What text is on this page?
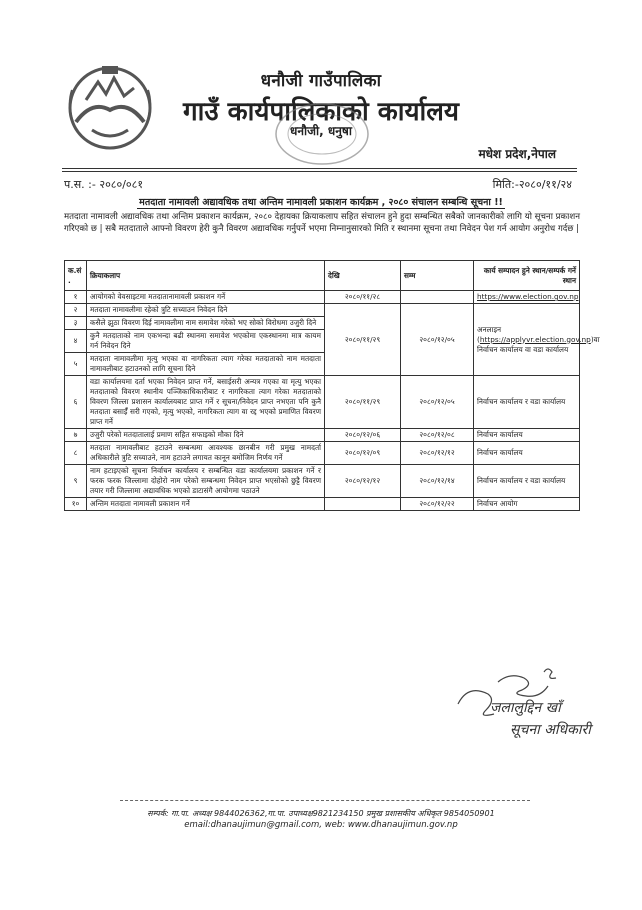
धनौजी गाउँपालिका
गाउँ कार्यपालिकाको कार्यालय
धनौजी, धनुषा
मधेश प्रदेश,नेपाल
प.स. :- २०८०/०८१	मिति:-२०८०/११/२४
मतदाता नामावली अद्यावधिक तथा अन्तिम नामावली प्रकाशन कार्यक्रम , २०८० संचालन सम्बन्धि सूचना !!
मतदाता नामावली अद्यावधिक तथा अन्तिम प्रकाशन कार्यक्रम, २०८० देहायका क्रियाकलाप सहित संचालन हुने हुदा सम्बन्धित सबैको जानकारीको लागि यो सूचना प्रकाशन गरिएको छ | सबै मतदाताले आफ्नो विवरण हेरी कुनै विवरण अद्यावधिक गर्नुपर्ने भएमा निम्नानुसारको मिति र स्थानमा सूचना तथा निवेदन पेश गर्न आयोग अनुरोध गर्दछ |
क.सं .	क्रियाकलाप	देखि	सम्म	कार्य सम्पादन हुने स्थान/सम्पर्क गर्ने स्थान
१	आयोगको वेवसाइटमा मतदातानामावली प्रकाशन गर्ने	२०८०/११/२८		https://www.election.gov.np
२	मतदाता नामावलीमा रहेको त्रुटि सच्याउन निवेदन दिने	२०८०/११/२९	२०८०/१२/०५	अनलाइन (https://applyvr.election.gov.np)वा निर्वाचन कार्यालय वा वडा कार्यालय
३	कसैले झुठा विवरण दिई नामावलीमा नाम समावेश गरेको भए सोको विरोधमा उजुरी दिने			
४	कुनै मतदाताको नाम एकभन्दा बढी स्थानमा समावेश भएकोमा एकस्थानमा मात्र कायम गर्न निवेदन दिने			
५	मतदाता नामावलीमा मृत्यु भएका वा नागरिकता त्याग गरेका मतदाताको नाम मतदाता नामावलीबाट हटाउनको लागि सूचना दिने			
६	वडा कार्यालयमा दर्ता भएका निवेदन प्राप्त गर्ने, बसाईसरी अन्यत्र गएका वा मृत्यु भएका मतदाताको विवरण स्थानीय पञ्जिकाधिकारीबाट र नागरिकता त्याग गरेका मतदाताको विवरण जिल्ला प्रशासन कार्यालयबाट प्राप्त गर्ने र सूचना/निवेदन प्राप्त नभएता पनि कुनै मतदाता बसाईँ सरी गएको, मृत्यु भएको, नागरिकता त्याग वा रद्द भएको प्रमाणित विवरण प्राप्त गर्ने	२०८०/११/२९	२०८०/१२/०५	निर्वाचन कार्यालय र वडा कार्यालय
७	उजुरी परेको मतदातालाई प्रमाण सहित सफाइको मौका दिने	२०८०/१२/०६	२०८०/१२/०८	निर्वाचन कार्यालय
८	मतदाता नामावलीबाट हटाउने सम्बन्धमा आवश्यक छानबीन गरी प्रमुख नामदर्ता अधिकारीले त्रुटि सच्याउने, नाम हटाउने लगायत कानून बमोजिम निर्णय गर्ने	२०८०/१२/०९	२०८०/१२/१२	निर्वाचन कार्यालय
९	नाम हटाइएको सूचना निर्वाचन कार्यालय र सम्बन्धित वडा कार्यालयमा प्रकाशन गर्ने र फरक फरक जिल्लामा दोहोरो नाम परेको सम्बन्धमा निवेदन प्राप्त भएसोको छुट्टै विवरण तयार गरी जिल्लामा अद्यावधिक भएको डाटासंगै आयोगमा पठाउने	२०८०/१२/१२	२०८०/१२/१४	निर्वाचन कार्यालय र वडा कार्यालय
१०	अन्तिम मतदाता नामावली प्रकाशन गर्ने		२०८०/१२/२२	निर्वाचन आयोग
जलालुद्दिन खाँ
सूचना अधिकारी
सम्पर्क: गा.पा. अध्यक्ष 9844026362,गा.पा. उपाध्यक्ष9821234150 प्रमुख प्रशासकीय अधिकृत 9854050901
email:dhanaujimun@gmail.com, web: www.dhanaujimun.gov.np
